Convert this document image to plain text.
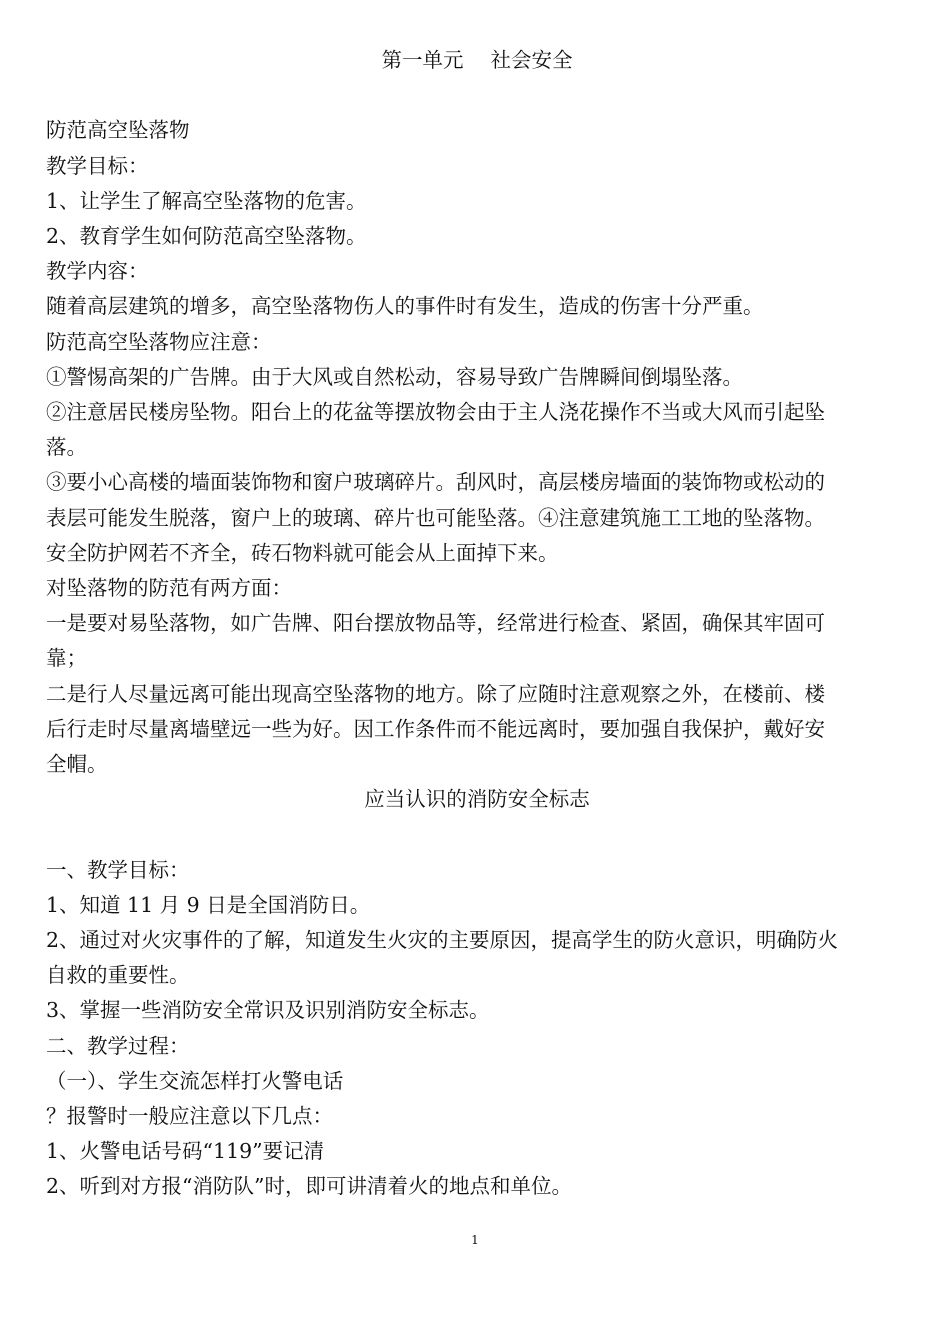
第一单元　 社会安全

防范高空坠落物

教学目标：

1、让学生了解高空坠落物的危害。

2、教育学生如何防范高空坠落物。

教学内容：

随着高层建筑的增多，高空坠落物伤人的事件时有发生，造成的伤害十分严重。

防范高空坠落物应注意：

①警惕高架的广告牌。由于大风或自然松动，容易导致广告牌瞬间倒塌坠落。

②注意居民楼房坠物。阳台上的花盆等摆放物会由于主人浇花操作不当或大风而引起坠

落。

③要小心高楼的墙面装饰物和窗户玻璃碎片。刮风时，高层楼房墙面的装饰物或松动的

表层可能发生脱落，窗户上的玻璃、碎片也可能坠落。④注意建筑施工工地的坠落物。

安全防护网若不齐全，砖石物料就可能会从上面掉下来。

对坠落物的防范有两方面：

一是要对易坠落物，如广告牌、阳台摆放物品等，经常进行检查、紧固，确保其牢固可

靠；

二是行人尽量远离可能出现高空坠落物的地方。除了应随时注意观察之外，在楼前、楼

后行走时尽量离墙壁远一些为好。因工作条件而不能远离时，要加强自我保护，戴好安

全帽。

应当认识的消防安全标志

一、教学目标：

1、知道 11 月 9 日是全国消防日。

2、通过对火灾事件的了解，知道发生火灾的主要原因，提高学生的防火意识，明确防火

自救的重要性。

3、掌握一些消防安全常识及识别消防安全标志。

二、教学过程：

（一）、学生交流怎样打火警电话

？报警时一般应注意以下几点：

1、火警电话号码“119”要记清

2、听到对方报“消防队”时，即可讲清着火的地点和单位。

1
